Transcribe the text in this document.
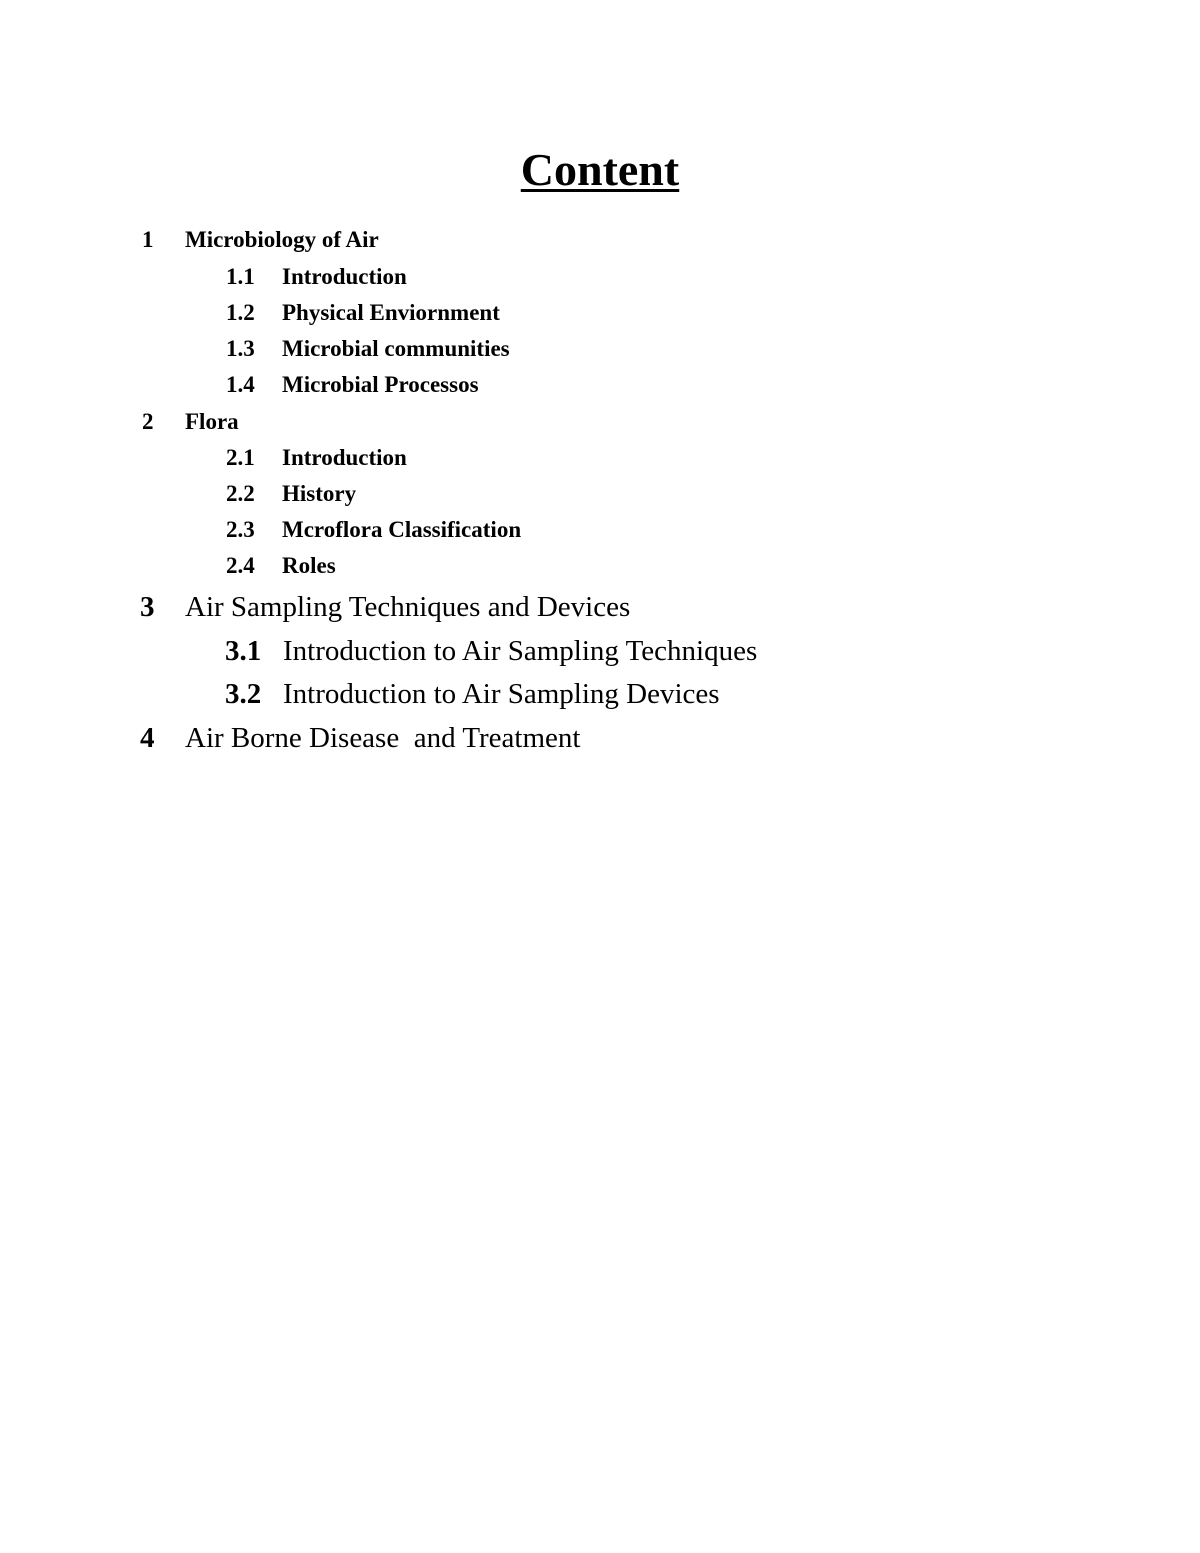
Content
1 Microbiology of Air
1.1 Introduction
1.2 Physical Enviornment
1.3 Microbial communities
1.4 Microbial Processos
2 Flora
2.1 Introduction
2.2 History
2.3 Mcroflora Classification
2.4 Roles
3 Air Sampling Techniques and Devices
3.1 Introduction to Air Sampling Techniques
3.2 Introduction to Air Sampling Devices
4 Air Borne Disease  and Treatment
